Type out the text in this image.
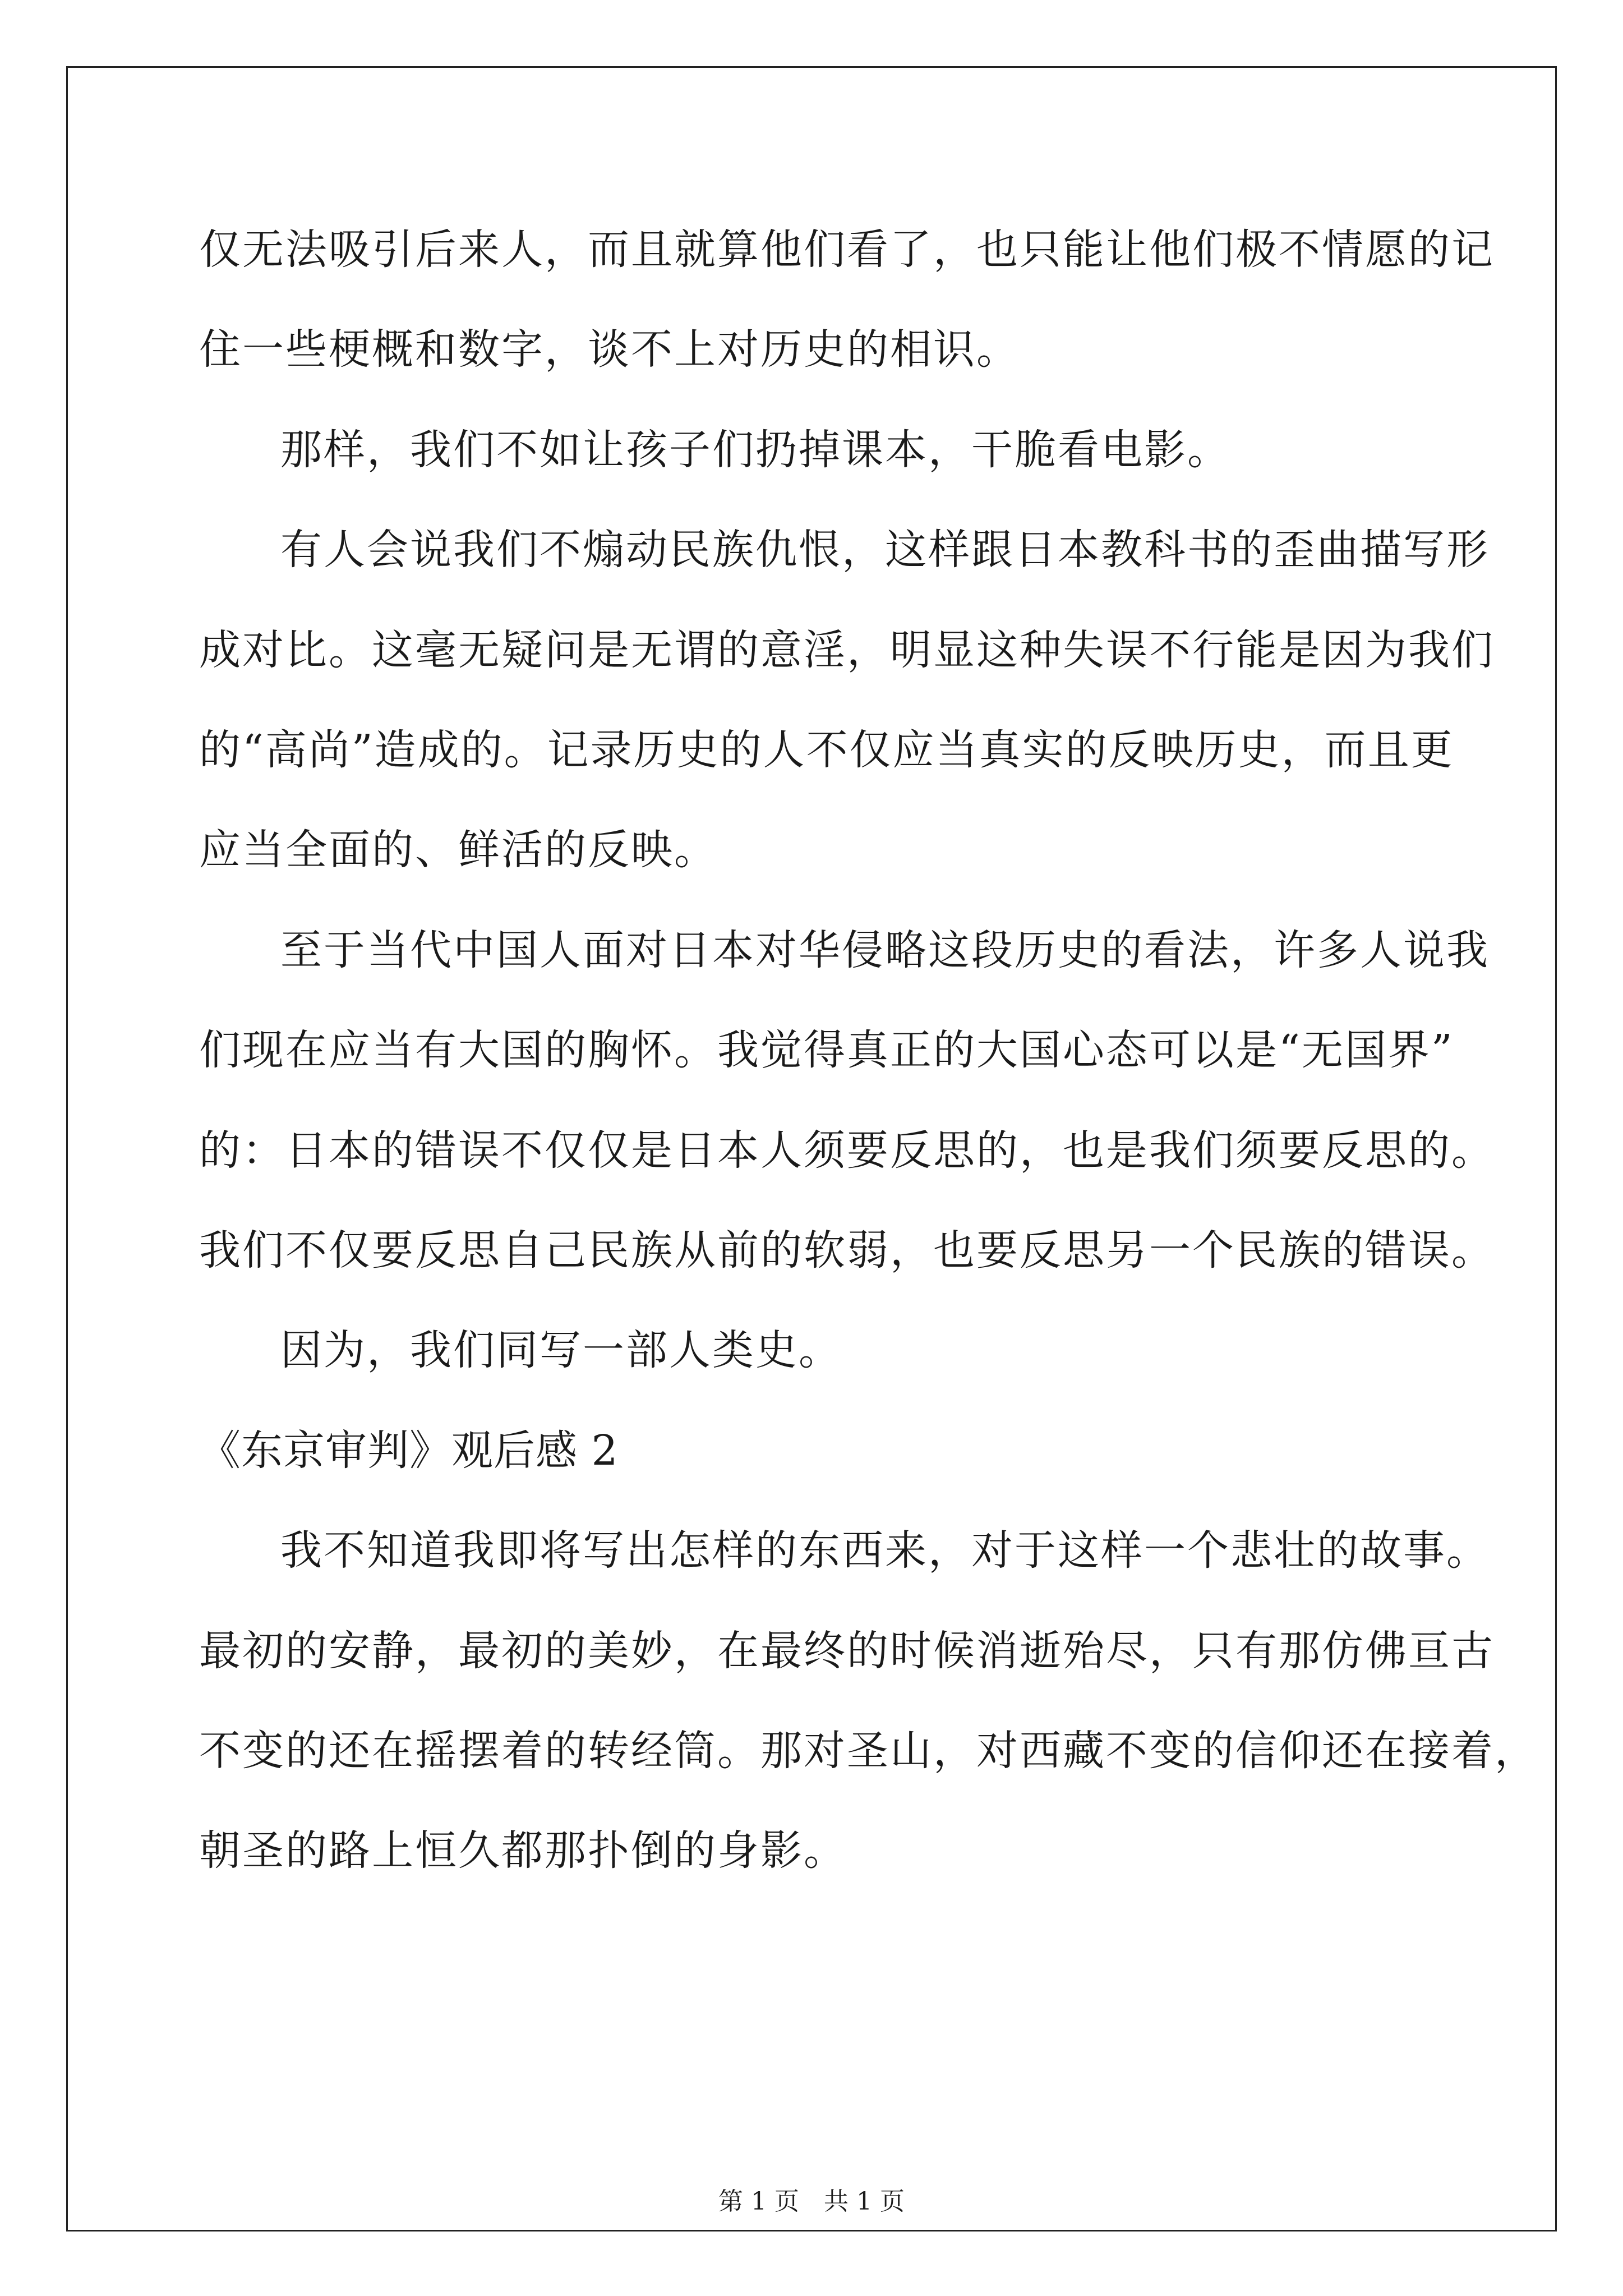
仅无法吸引后来人，而且就算他们看了，也只能让他们极不情愿的记
住一些梗概和数字，谈不上对历史的相识。
那样，我们不如让孩子们扔掉课本，干脆看电影。
有人会说我们不煽动民族仇恨，这样跟日本教科书的歪曲描写形
成对比。这毫无疑问是无谓的意淫，明显这种失误不行能是因为我们
的“高尚”造成的。记录历史的人不仅应当真实的反映历史，而且更
应当全面的、鲜活的反映。
至于当代中国人面对日本对华侵略这段历史的看法，许多人说我
们现在应当有大国的胸怀。我觉得真正的大国心态可以是“无国界”
的：日本的错误不仅仅是日本人须要反思的，也是我们须要反思的。
我们不仅要反思自己民族从前的软弱，也要反思另一个民族的错误。
因为，我们同写一部人类史。
《东京审判》观后感 2
我不知道我即将写出怎样的东西来，对于这样一个悲壮的故事。
最初的安静，最初的美妙，在最终的时候消逝殆尽，只有那仿佛亘古
不变的还在摇摆着的转经筒。那对圣山，对西藏不变的信仰还在接着，
朝圣的路上恒久都那扑倒的身影。
第 1 页　共 1 页
